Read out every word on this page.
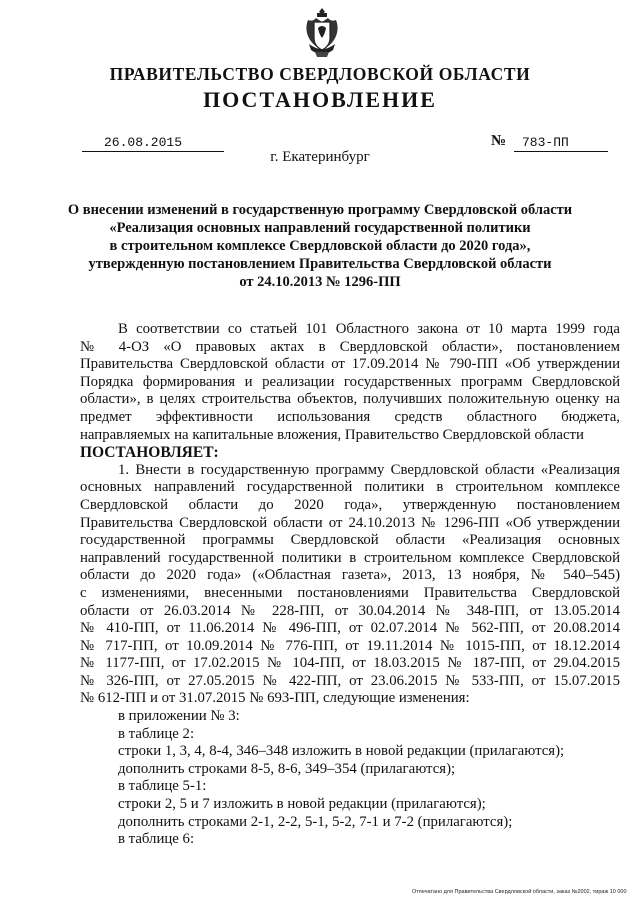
ПРАВИТЕЛЬСТВО СВЕРДЛОВСКОЙ ОБЛАСТИ
ПОСТАНОВЛЕНИЕ
26.08.2015	№ 783-ПП
г. Екатеринбург
О внесении изменений в государственную программу Свердловской области
«Реализация основных направлений государственной политики
в строительном комплексе Свердловской области до 2020 года»,
утвержденную постановлением Правительства Свердловской области
от 24.10.2013 № 1296-ПП
В соответствии со статьей 101 Областного закона от 10 марта 1999 года
№ 4-ОЗ «О правовых актах в Свердловской области», постановлением
Правительства Свердловской области от 17.09.2014 № 790-ПП «Об утверждении
Порядка формирования и реализации государственных программ Свердловской
области», в целях строительства объектов, получивших положительную оценку на
предмет эффективности использования средств областного бюджета,
направляемых на капитальные вложения, Правительство Свердловской области
ПОСТАНОВЛЯЕТ:
1. Внести в государственную программу Свердловской области «Реализация
основных направлений государственной политики в строительном комплексе
Свердловской области до 2020 года», утвержденную постановлением
Правительства Свердловской области от 24.10.2013 № 1296-ПП «Об утверждении
государственной программы Свердловской области «Реализация основных
направлений государственной политики в строительном комплексе Свердловской
области до 2020 года» («Областная газета», 2013, 13 ноября, № 540–545)
с изменениями, внесенными постановлениями Правительства Свердловской
области от 26.03.2014 № 228-ПП, от 30.04.2014 № 348-ПП, от 13.05.2014
№ 410-ПП, от 11.06.2014 № 496-ПП, от 02.07.2014 № 562-ПП, от 20.08.2014
№ 717-ПП, от 10.09.2014 № 776-ПП, от 19.11.2014 № 1015-ПП, от 18.12.2014
№ 1177-ПП, от 17.02.2015 № 104-ПП, от 18.03.2015 № 187-ПП, от 29.04.2015
№ 326-ПП, от 27.05.2015 № 422-ПП, от 23.06.2015 № 533-ПП, от 15.07.2015
№ 612-ПП и от 31.07.2015 № 693-ПП, следующие изменения:
в приложении № 3:
в таблице 2:
строки 1, 3, 4, 8-4, 346–348 изложить в новой редакции (прилагаются);
дополнить строками 8-5, 8-6, 349–354 (прилагаются);
в таблице 5-1:
строки 2, 5 и 7 изложить в новой редакции (прилагаются);
дополнить строками 2-1, 2-2, 5-1, 5-2, 7-1 и 7-2 (прилагаются);
в таблице 6:
Отпечатано для Правительства Свердловской области, заказ №2002, тираж 10 000
